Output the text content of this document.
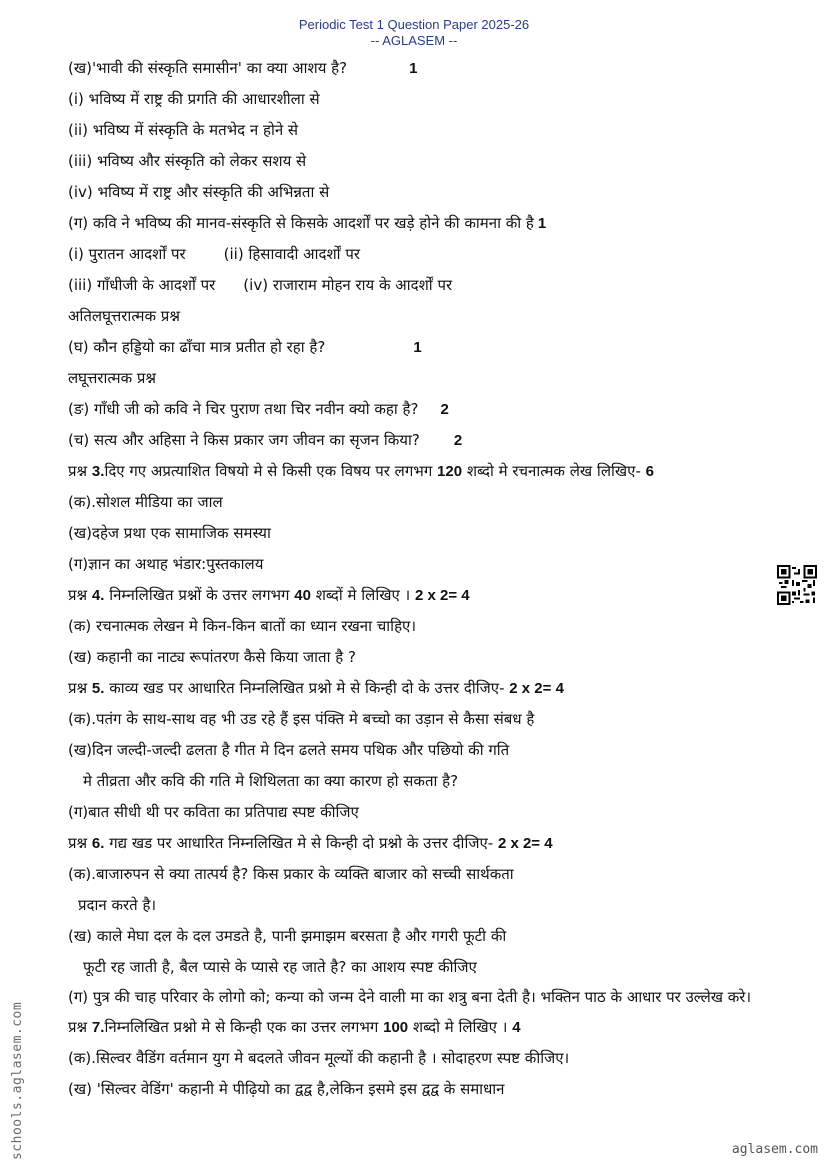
Periodic Test 1 Question Paper 2025-26
-- AGLASEM --
(ख)'भावी की संस्कृति समासीन' का क्या आशय है?	1
(i) भविष्य में राष्ट्र की प्रगति की आधारशीला से
(ii) भविष्य में संस्कृति के मतभेद न होने से
(iii) भविष्य और संस्कृति को लेकर सशय से
(iv) भविष्य में राष्ट्र और संस्कृति की अभिन्नता से
(ग) कवि ने भविष्य की मानव-संस्कृति से किसके आदर्शों पर खड़े होने की कामना की है 1
(i) पुरातन आदर्शों पर	(ii) हिसावादी आदर्शों पर
(iii) गाँधीजी के आदर्शों पर (iv) राजाराम मोहन राय के आदर्शों पर
अतिलघूत्तरात्मक प्रश्न
(घ) कौन हड्डियो का ढाँचा मात्र प्रतीत हो रहा है?	1
लघूत्तरात्मक प्रश्न
(ङ) गाँधी जी को कवि ने चिर पुराण तथा चिर नवीन क्यो कहा है? 2
(च) सत्य और अहिसा ने किस प्रकार जग जीवन का सृजन किया? 2
प्रश्न 3.दिए गए अप्रत्याशित विषयो मे से किसी एक विषय पर लगभग 120 शब्दो मे रचनात्मक लेख लिखिए- 6
(क).सोशल मीडिया का जाल
(ख)दहेज प्रथा एक सामाजिक समस्या
(ग)ज्ञान का अथाह भंडार:पुस्तकालय
प्रश्न 4. निम्नलिखित प्रश्नों के उत्तर लगभग 40 शब्दों मे लिखिए । 2 x 2= 4
(क) रचनात्मक लेखन मे किन-किन बातों का ध्यान रखना चाहिए।
(ख) कहानी का नाट्य रूपांतरण कैसे किया जाता है ?
प्रश्न 5. काव्य खड पर आधारित निम्नलिखित प्रश्नो मे से किन्ही दो के उत्तर दीजिए- 2 x 2= 4
(क).पतंग के साथ-साथ वह भी उड रहे हैं इस पंक्ति मे बच्चो का उड़ान से कैसा संबध है
(ख)दिन जल्दी-जल्दी ढलता है गीत मे दिन ढलते समय पथिक और पछियो की गति
मे तीव्रता और कवि की गति मे शिथिलता का क्या कारण हो सकता है?
(ग)बात सीधी थी पर कविता का प्रतिपाद्य स्पष्ट कीजिए
प्रश्न 6. गद्य खड पर आधारित निम्नलिखित मे से किन्ही दो प्रश्नो के उत्तर दीजिए- 2 x 2= 4
(क).बाजारुपन से क्या तात्पर्य है? किस प्रकार के व्यक्ति बाजार को सच्ची सार्थकता
प्रदान करते है।
(ख) काले मेघा दल के दल उमडते है, पानी झमाझम बरसता है और गगरी फूटी की
फूटी रह जाती है, बैल प्यासे के प्यासे रह जाते है? का आशय स्पष्ट कीजिए
(ग) पुत्र की चाह परिवार के लोगो को; कन्या को जन्म देने वाली मा का शत्रु बना देती है। भक्तिन पाठ के आधार पर उल्लेख करे।
प्रश्न 7.निम्नलिखित प्रश्नो मे से किन्ही एक का उत्तर लगभग 100 शब्दो मे लिखिए । 4
(क).सिल्वर वैडिंग वर्तमान युग मे बदलते जीवन मूल्यों की कहानी है । सोदाहरण स्पष्ट कीजिए।
(ख) 'सिल्वर वेडिंग' कहानी मे पीढ़ियो का द्वद्व है,लेकिन इसमे इस द्वद्व के समाधान
schools.aglasem.com	aglasem.com
